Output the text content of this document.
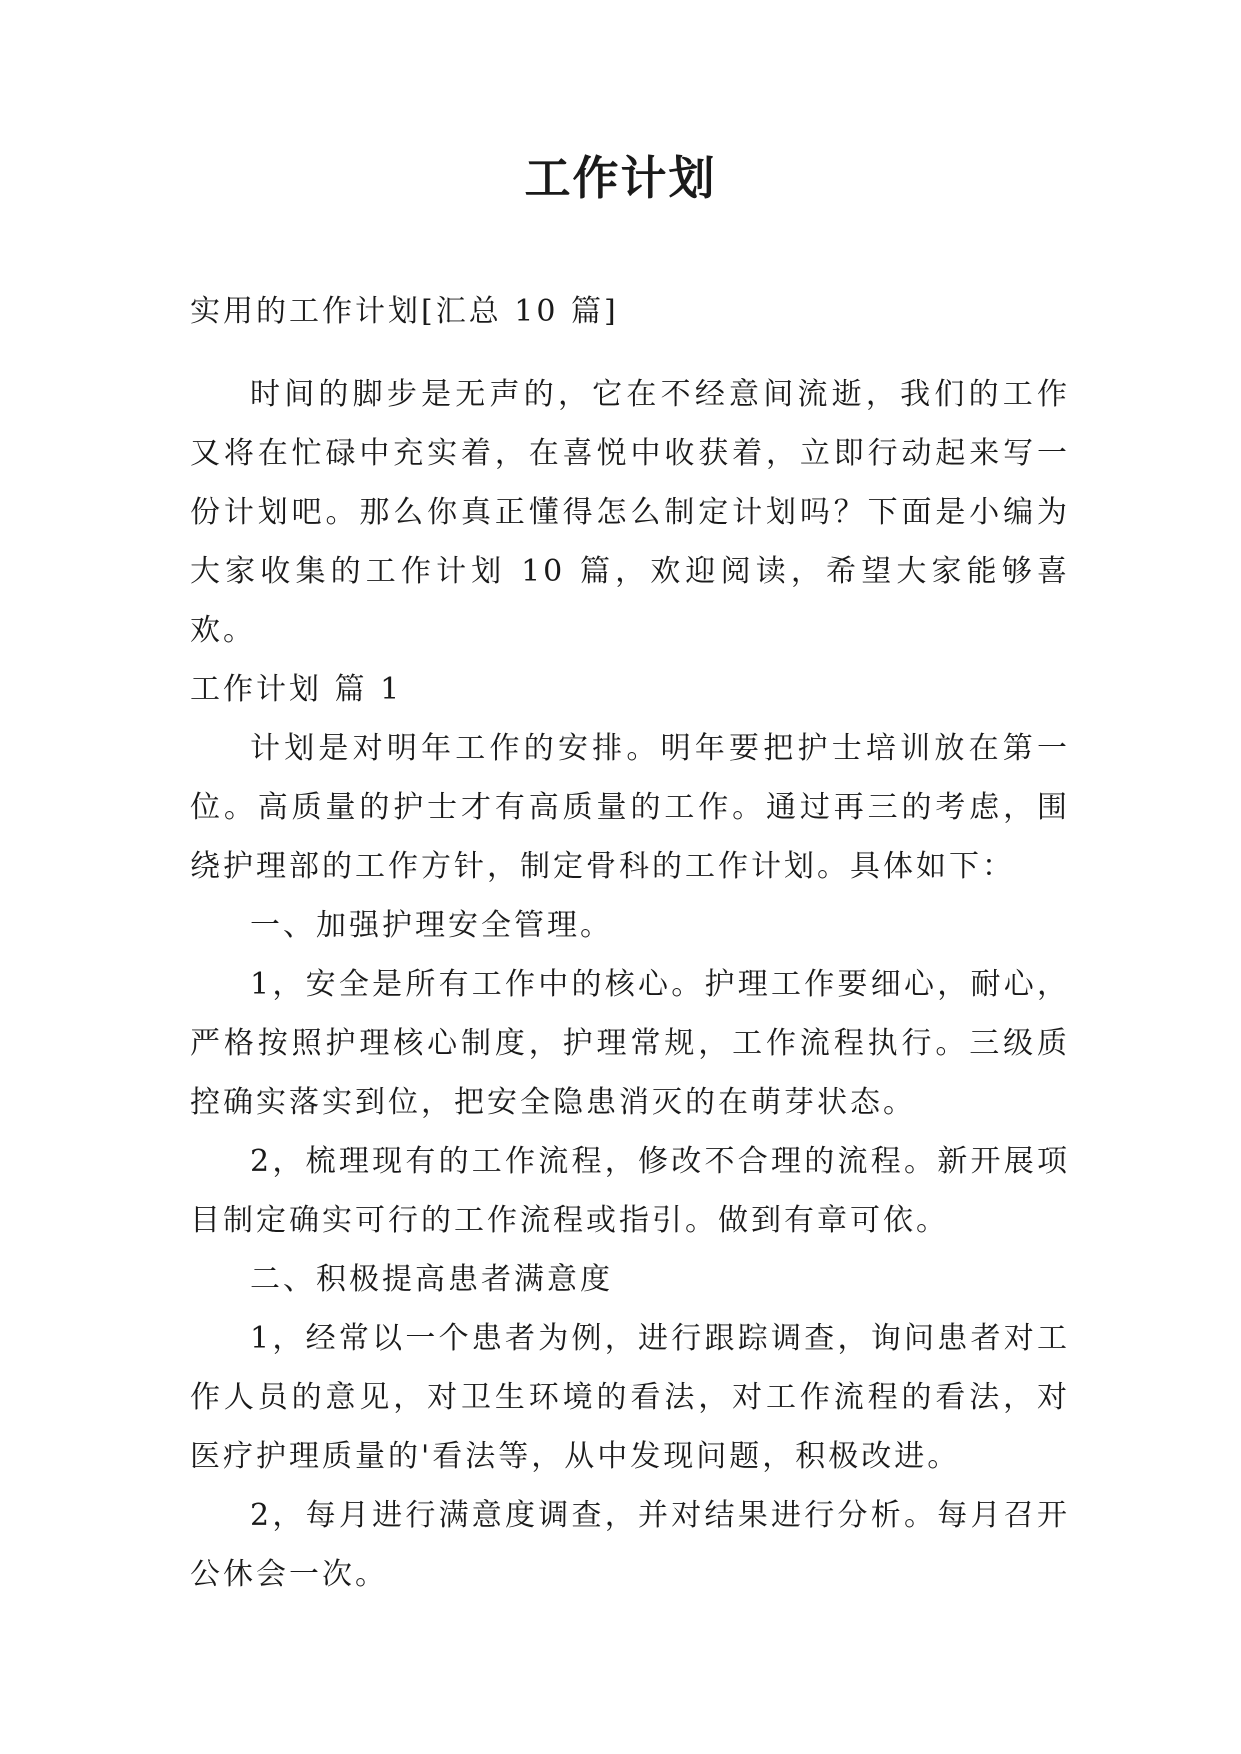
工作计划

实用的工作计划[汇总 10 篇]

时间的脚步是无声的，它在不经意间流逝，我们的工作又将在忙碌中充实着，在喜悦中收获着，立即行动起来写一份计划吧。那么你真正懂得怎么制定计划吗？下面是小编为大家收集的工作计划 10 篇，欢迎阅读，希望大家能够喜欢。

工作计划 篇 1

计划是对明年工作的安排。明年要把护士培训放在第一位。高质量的护士才有高质量的工作。通过再三的考虑，围绕护理部的工作方针，制定骨科的工作计划。具体如下：

一、加强护理安全管理。

1，安全是所有工作中的核心。护理工作要细心，耐心，严格按照护理核心制度，护理常规，工作流程执行。三级质控确实落实到位，把安全隐患消灭的在萌芽状态。

2，梳理现有的工作流程，修改不合理的流程。新开展项目制定确实可行的工作流程或指引。做到有章可依。

二、积极提高患者满意度

1，经常以一个患者为例，进行跟踪调查，询问患者对工作人员的意见，对卫生环境的看法，对工作流程的看法，对医疗护理质量的'看法等，从中发现问题，积极改进。

2，每月进行满意度调查，并对结果进行分析。每月召开公休会一次。
